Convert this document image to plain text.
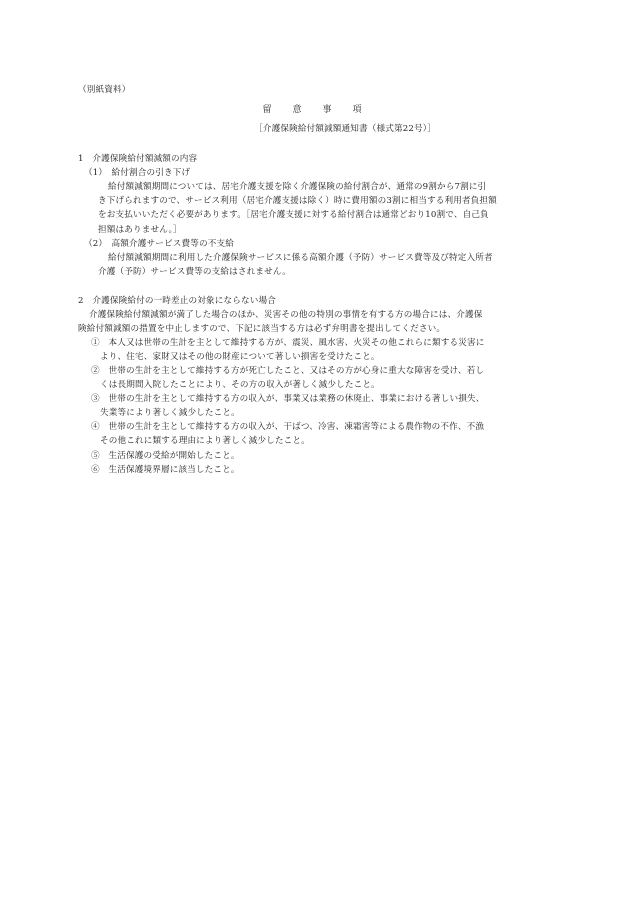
（別紙資料）
留　意　事　項
［介護保険給付額減額通知書（様式第22号）］
1　介護保険給付額減額の内容
（1）　給付割合の引き下げ
給付額減額期間については、居宅介護支援を除く介護保険の給付割合が、通常の9割から7割に引
き下げられますので、サービス利用（居宅介護支援は除く）時に費用額の3割に相当する利用者負担額
をお支払いいただく必要があります。［居宅介護支援に対する給付割合は通常どおり10割で、自己負
担額はありません。］
（2）　高額介護サービス費等の不支給
給付額減額期間に利用した介護保険サービスに係る高額介護（予防）サービス費等及び特定入所者
介護（予防）サービス費等の支給はされません。
2　介護保険給付の一時差止の対象にならない場合
介護保険給付額減額が満了した場合のほか、災害その他の特別の事情を有する方の場合には、介護保
険給付額減額の措置を中止しますので、下記に該当する方は必ず弁明書を提出してください。
①　本人又は世帯の生計を主として維持する方が、震災、風水害、火災その他これらに類する災害に
より、住宅、家財又はその他の財産について著しい損害を受けたこと。
②　世帯の生計を主として維持する方が死亡したこと、又はその方が心身に重大な障害を受け、若し
くは長期間入院したことにより、その方の収入が著しく減少したこと。
③　世帯の生計を主として維持する方の収入が、事業又は業務の休廃止、事業における著しい損失、
失業等により著しく減少したこと。
④　世帯の生計を主として維持する方の収入が、干ばつ、冷害、凍霜害等による農作物の不作、不漁
その他これに類する理由により著しく減少したこと。
⑤　生活保護の受給が開始したこと。
⑥　生活保護境界層に該当したこと。
